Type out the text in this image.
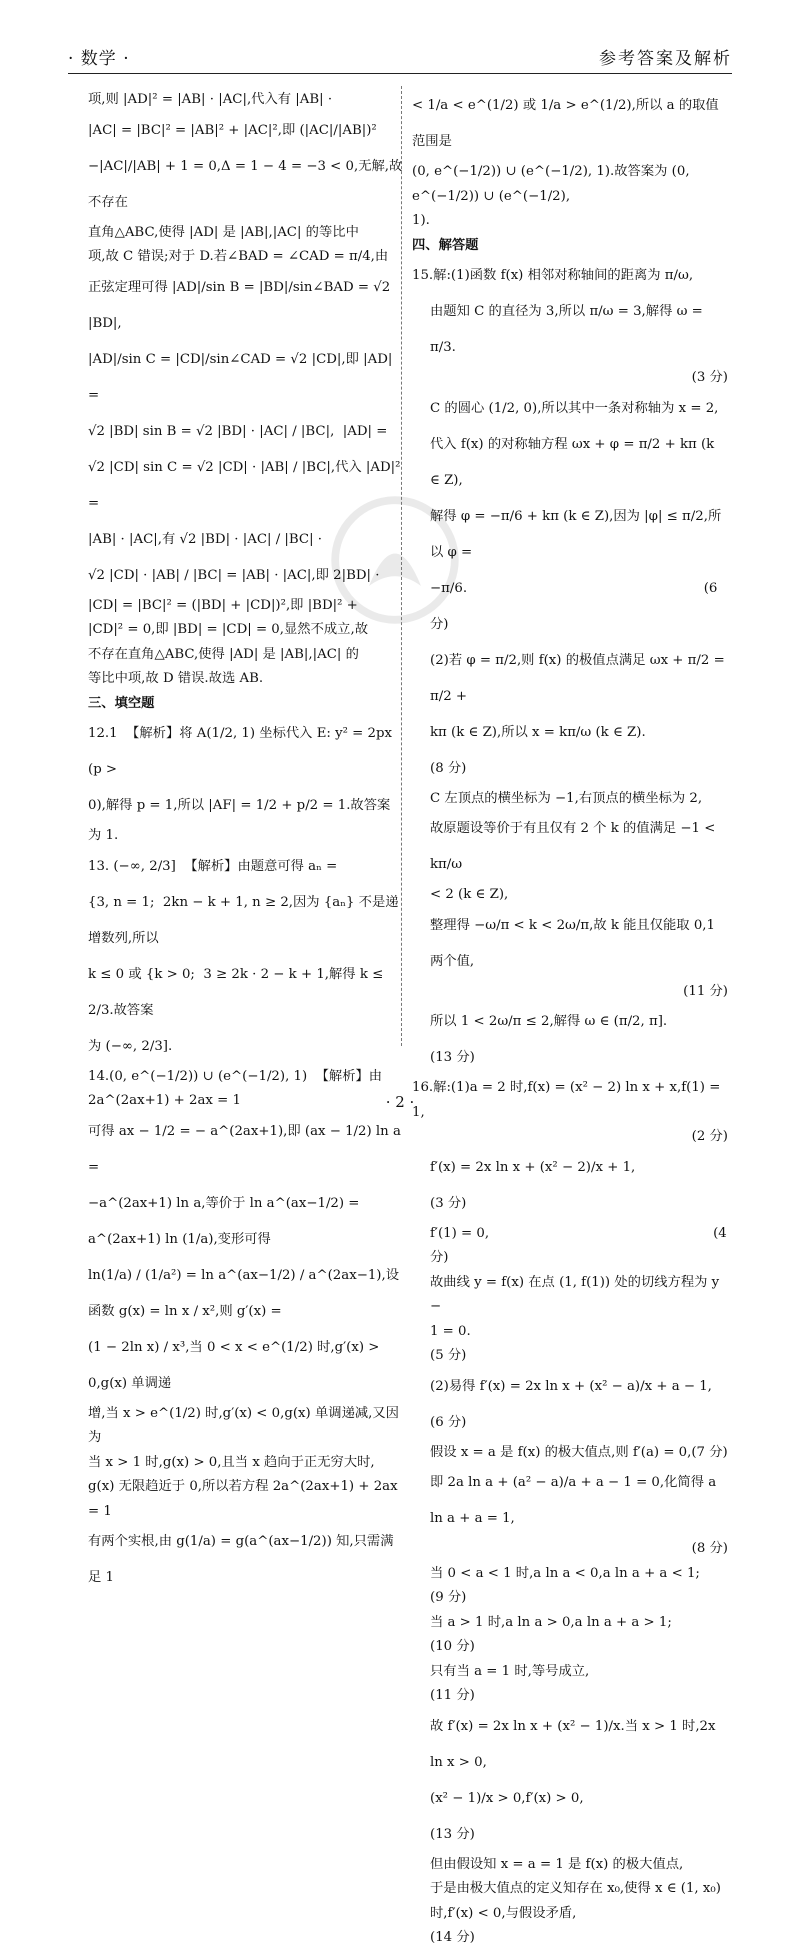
· 数学 ·	参考答案及解析
项,则 |AD|² = |AB| · |AC|,代入有 |AB| ·
|AC| = |BC|² = |AB|² + |AC|²,即 (|AC|/|AB|)²
−|AC|/|AB| + 1 = 0,Δ = 1 − 4 = −3 < 0,无解,故不存在
直角△ABC,使得 |AD| 是 |AB|,|AC| 的等比中
项,故 C 错误;对于 D.若∠BAD = ∠CAD = π/4,由
正弦定理可得 |AD|/sin B = |BD|/sin∠BAD = √2 |BD|,
|AD|/sin C = |CD|/sin∠CAD = √2 |CD|,即 |AD| =
√2 |BD| sin B = √2 |BD| · |AC| / |BC|,  |AD| =
√2 |CD| sin C = √2 |CD| · |AB| / |BC|,代入 |AD|² =
|AB| · |AC|,有 √2 |BD| · |AC| / |BC| ·
√2 |CD| · |AB| / |BC| = |AB| · |AC|,即 2|BD| ·
|CD| = |BC|² = (|BD| + |CD|)²,即 |BD|² +
|CD|² = 0,即 |BD| = |CD| = 0,显然不成立,故
不存在直角△ABC,使得 |AD| 是 |AB|,|AC| 的
等比中项,故 D 错误.故选 AB.
三、填空题
12.1  【解析】将 A(1/2, 1) 坐标代入 E: y² = 2px (p >
0),解得 p = 1,所以 |AF| = 1/2 + p/2 = 1.故答案
为 1.
13. (−∞, 2/3]  【解析】由题意可得 aₙ =
{3, n = 1;  2kn − k + 1, n ≥ 2,因为 {aₙ} 不是递增数列,所以
k ≤ 0 或 {k > 0;  3 ≥ 2k · 2 − k + 1,解得 k ≤ 2/3.故答案
为 (−∞, 2/3].
14.(0, e^(−1/2)) ∪ (e^(−1/2), 1)  【解析】由 2a^(2ax+1) + 2ax = 1
可得 ax − 1/2 = − a^(2ax+1),即 (ax − 1/2) ln a =
−a^(2ax+1) ln a,等价于 ln a^(ax−1/2) = a^(2ax+1) ln (1/a),变形可得
ln(1/a) / (1/a²) = ln a^(ax−1/2) / a^(2ax−1),设函数 g(x) = ln x / x²,则 g′(x) =
(1 − 2ln x) / x³,当 0 < x < e^(1/2) 时,g′(x) > 0,g(x) 单调递
增,当 x > e^(1/2) 时,g′(x) < 0,g(x) 单调递减,又因为
当 x > 1 时,g(x) > 0,且当 x 趋向于正无穷大时,
g(x) 无限趋近于 0,所以若方程 2a^(2ax+1) + 2ax = 1
有两个实根,由 g(1/a) = g(a^(ax−1/2)) 知,只需满足 1
< 1/a < e^(1/2) 或 1/a > e^(1/2),所以 a 的取值范围是
(0, e^(−1/2)) ∪ (e^(−1/2), 1).故答案为 (0, e^(−1/2)) ∪ (e^(−1/2),
1).
四、解答题
15.解:(1)函数 f(x) 相邻对称轴间的距离为 π/ω,
由题知 C 的直径为 3,所以 π/ω = 3,解得 ω = π/3.
(3 分)
C 的圆心 (1/2, 0),所以其中一条对称轴为 x = 2,
代入 f(x) 的对称轴方程 ωx + φ = π/2 + kπ (k ∈ Z),
解得 φ = −π/6 + kπ (k ∈ Z),因为 |φ| ≤ π/2,所以 φ =
−π/6.                                                        (6 分)
(2)若 φ = π/2,则 f(x) 的极值点满足 ωx + π/2 = π/2 +
kπ (k ∈ Z),所以 x = kπ/ω (k ∈ Z).                        (8 分)
C 左顶点的横坐标为 −1,右顶点的横坐标为 2,
故原题设等价于有且仅有 2 个 k 的值满足 −1 < kπ/ω
< 2 (k ∈ Z),
整理得 −ω/π < k < 2ω/π,故 k 能且仅能取 0,1 两个值,
(11 分)
所以 1 < 2ω/π ≤ 2,解得 ω ∈ (π/2, π].                   (13 分)
16.解:(1)a = 2 时,f(x) = (x² − 2) ln x + x,f(1) = 1,
(2 分)
f′(x) = 2x ln x + (x² − 2)/x + 1,                       (3 分)
f′(1) = 0,                                                     (4 分)
故曲线 y = f(x) 在点 (1, f(1)) 处的切线方程为 y −
1 = 0.                                                          (5 分)
(2)易得 f′(x) = 2x ln x + (x² − a)/x + a − 1,          (6 分)
假设 x = a 是 f(x) 的极大值点,则 f′(a) = 0,(7 分)
即 2a ln a + (a² − a)/a + a − 1 = 0,化简得 a ln a + a = 1,
(8 分)
当 0 < a < 1 时,a ln a < 0,a ln a + a < 1;             (9 分)
当 a > 1 时,a ln a > 0,a ln a + a > 1;                 (10 分)
只有当 a = 1 时,等号成立,                                  (11 分)
故 f′(x) = 2x ln x + (x² − 1)/x.当 x > 1 时,2x ln x > 0,
(x² − 1)/x > 0,f′(x) > 0,                                    (13 分)
但由假设知 x = a = 1 是 f(x) 的极大值点,
于是由极大值点的定义知存在 x₀,使得 x ∈ (1, x₀)
时,f′(x) < 0,与假设矛盾,                                  (14 分)
· 2 ·
